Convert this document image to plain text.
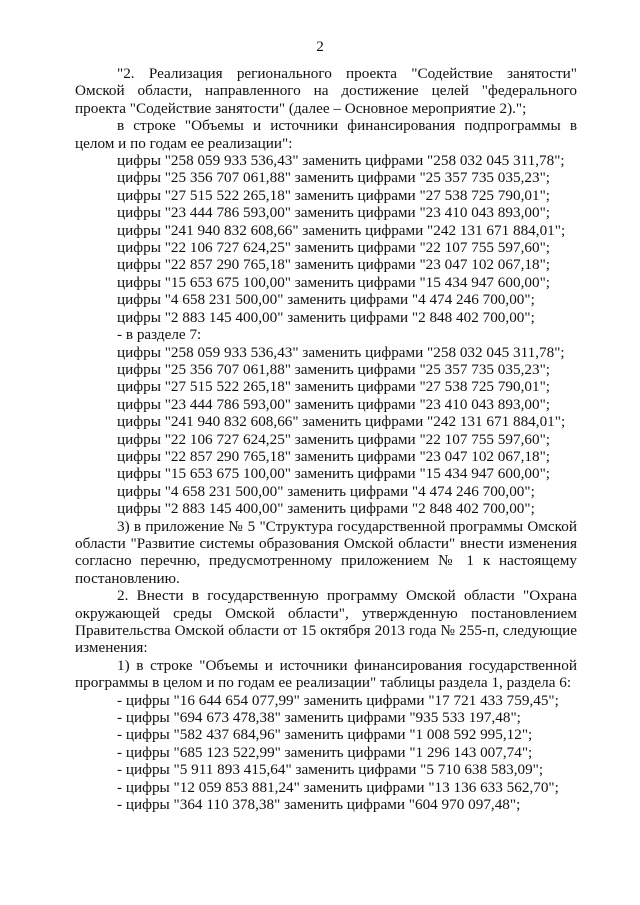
2

"2. Реализация регионального проекта "Содействие занятости" Омской области, направленного на достижение целей "федерального проекта "Содействие занятости" (далее – Основное мероприятие 2).";

в строке "Объемы и источники финансирования подпрограммы в целом и по годам ее реализации":

цифры "258 059 933 536,43" заменить цифрами "258 032 045 311,78";

цифры "25 356 707 061,88" заменить цифрами "25 357 735 035,23";

цифры "27 515 522 265,18" заменить цифрами "27 538 725 790,01";

цифры "23 444 786 593,00" заменить цифрами "23 410 043 893,00";

цифры "241 940 832 608,66" заменить цифрами "242 131 671 884,01";

цифры "22 106 727 624,25" заменить цифрами "22 107 755 597,60";

цифры "22 857 290 765,18" заменить цифрами "23 047 102 067,18";

цифры "15 653 675 100,00" заменить цифрами "15 434 947 600,00";

цифры "4 658 231 500,00" заменить цифрами "4 474 246 700,00";

цифры "2 883 145 400,00" заменить цифрами "2 848 402 700,00";

- в разделе 7:

цифры "258 059 933 536,43" заменить цифрами "258 032 045 311,78";

цифры "25 356 707 061,88" заменить цифрами "25 357 735 035,23";

цифры "27 515 522 265,18" заменить цифрами "27 538 725 790,01";

цифры "23 444 786 593,00" заменить цифрами "23 410 043 893,00";

цифры "241 940 832 608,66" заменить цифрами "242 131 671 884,01";

цифры "22 106 727 624,25" заменить цифрами "22 107 755 597,60";

цифры "22 857 290 765,18" заменить цифрами "23 047 102 067,18";

цифры "15 653 675 100,00" заменить цифрами "15 434 947 600,00";

цифры "4 658 231 500,00" заменить цифрами "4 474 246 700,00";

цифры "2 883 145 400,00" заменить цифрами "2 848 402 700,00";

3) в приложение № 5 "Структура государственной программы Омской области "Развитие системы образования Омской области" внести изменения согласно перечню, предусмотренному приложением № 1 к настоящему постановлению.

2. Внести в государственную программу Омской области "Охрана окружающей среды Омской области", утвержденную постановлением Правительства Омской области от 15 октября 2013 года № 255-п, следующие изменения:

1) в строке "Объемы и источники финансирования государственной программы в целом и по годам ее реализации" таблицы раздела 1, раздела 6:

- цифры "16 644 654 077,99" заменить цифрами "17 721 433 759,45";

- цифры "694 673 478,38" заменить цифрами "935 533 197,48";

- цифры "582 437 684,96" заменить цифрами "1 008 592 995,12";

- цифры "685 123 522,99" заменить цифрами "1 296 143 007,74";

- цифры "5 911 893 415,64" заменить цифрами "5 710 638 583,09";

- цифры "12 059 853 881,24" заменить цифрами "13 136 633 562,70";

- цифры "364 110 378,38" заменить цифрами "604 970 097,48";
